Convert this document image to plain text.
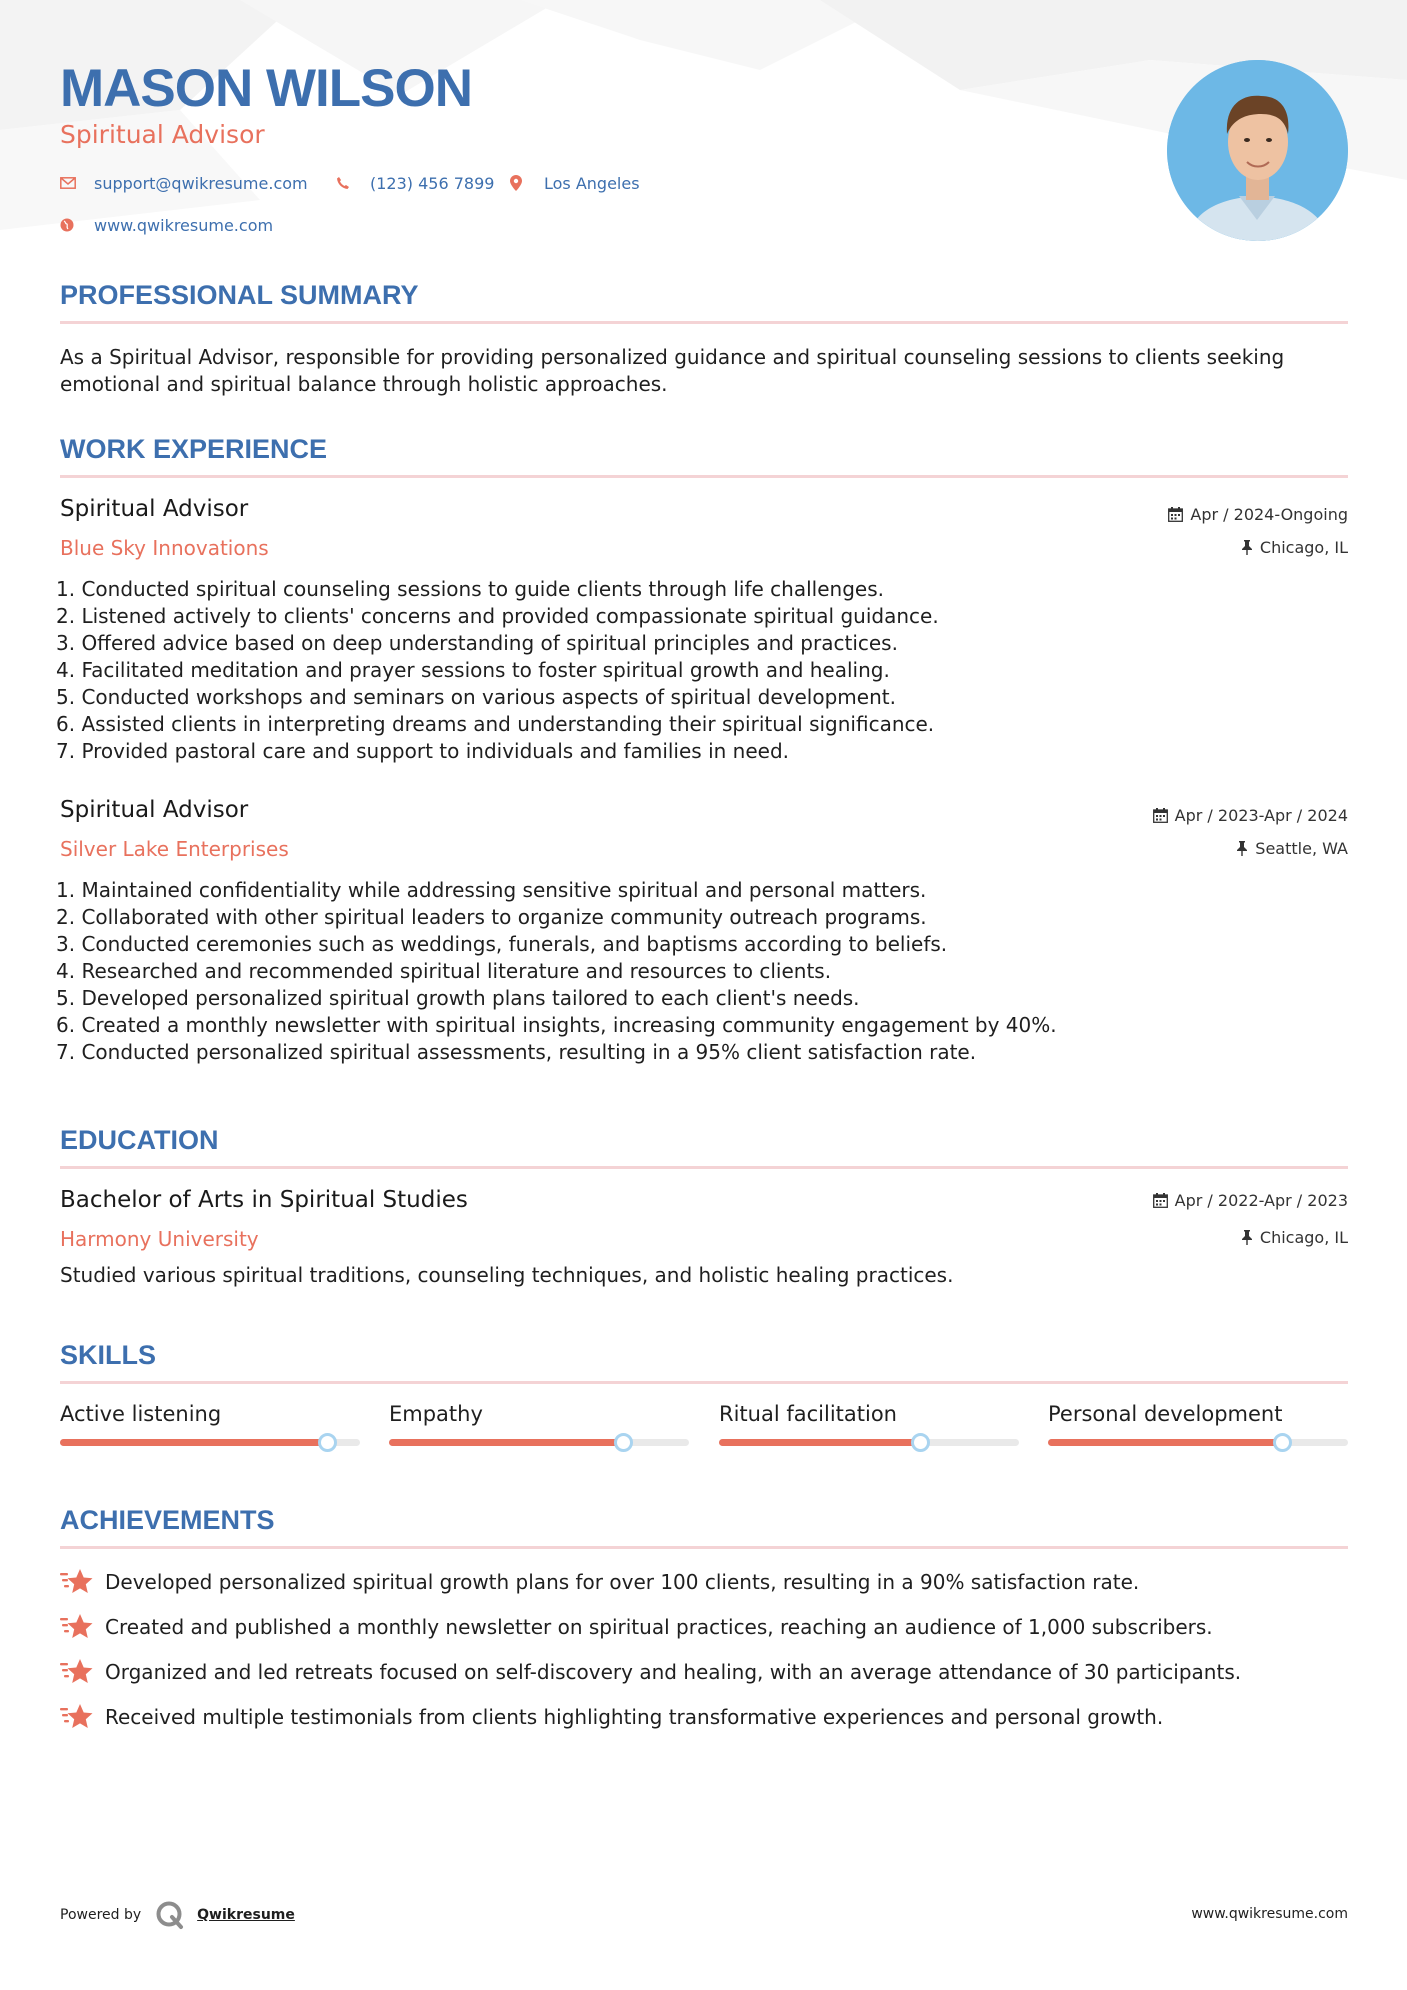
MASON WILSON
Spiritual Advisor
support@qwikresume.com	(123) 456 7899	Los Angeles
www.qwikresume.com
PROFESSIONAL SUMMARY
As a Spiritual Advisor, responsible for providing personalized guidance and spiritual counseling sessions to clients seeking emotional and spiritual balance through holistic approaches.
WORK EXPERIENCE
Spiritual Advisor
Blue Sky Innovations
Apr / 2024-Ongoing
Chicago, IL
1. Conducted spiritual counseling sessions to guide clients through life challenges.
2. Listened actively to clients' concerns and provided compassionate spiritual guidance.
3. Offered advice based on deep understanding of spiritual principles and practices.
4. Facilitated meditation and prayer sessions to foster spiritual growth and healing.
5. Conducted workshops and seminars on various aspects of spiritual development.
6. Assisted clients in interpreting dreams and understanding their spiritual significance.
7. Provided pastoral care and support to individuals and families in need.
Spiritual Advisor
Silver Lake Enterprises
Apr / 2023-Apr / 2024
Seattle, WA
1. Maintained confidentiality while addressing sensitive spiritual and personal matters.
2. Collaborated with other spiritual leaders to organize community outreach programs.
3. Conducted ceremonies such as weddings, funerals, and baptisms according to beliefs.
4. Researched and recommended spiritual literature and resources to clients.
5. Developed personalized spiritual growth plans tailored to each client's needs.
6. Created a monthly newsletter with spiritual insights, increasing community engagement by 40%.
7. Conducted personalized spiritual assessments, resulting in a 95% client satisfaction rate.
EDUCATION
Bachelor of Arts in Spiritual Studies
Harmony University
Apr / 2022-Apr / 2023
Chicago, IL
Studied various spiritual traditions, counseling techniques, and holistic healing practices.
SKILLS
Active listening	Empathy	Ritual facilitation	Personal development
ACHIEVEMENTS
Developed personalized spiritual growth plans for over 100 clients, resulting in a 90% satisfaction rate.
Created and published a monthly newsletter on spiritual practices, reaching an audience of 1,000 subscribers.
Organized and led retreats focused on self-discovery and healing, with an average attendance of 30 participants.
Received multiple testimonials from clients highlighting transformative experiences and personal growth.
Powered by	Qwikresume	www.qwikresume.com
